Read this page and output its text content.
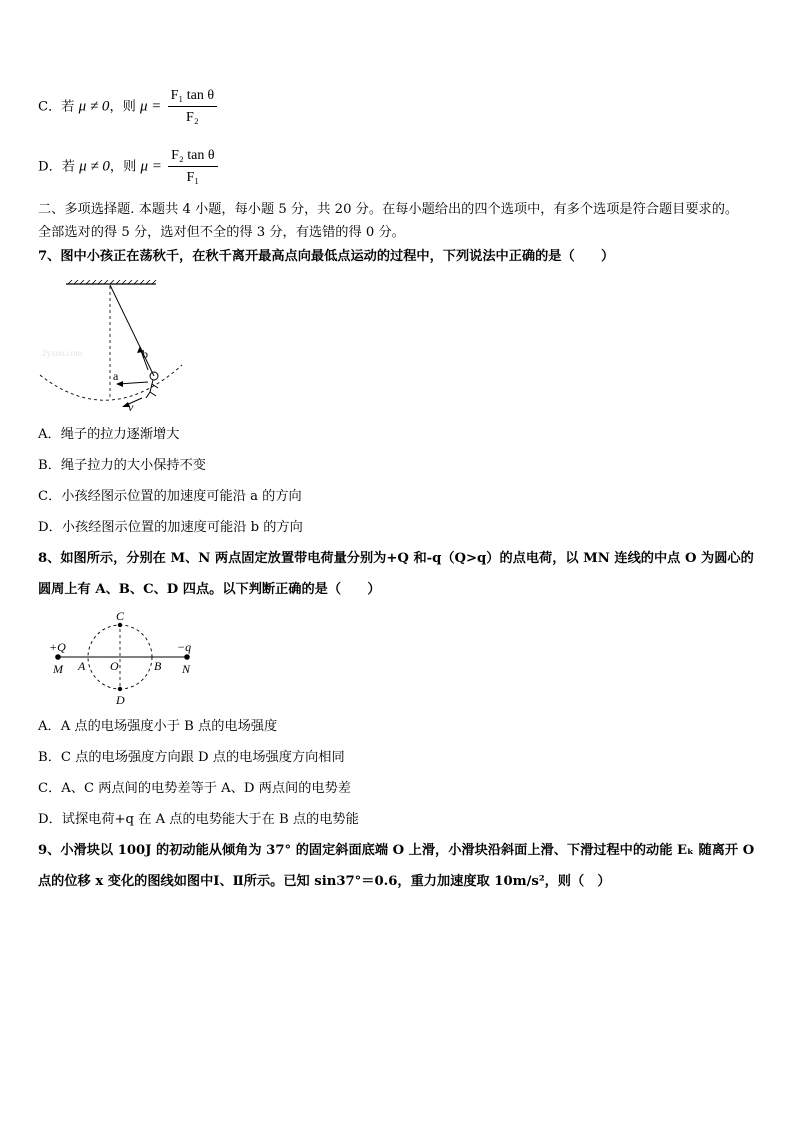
C．若 μ ≠ 0，则 $\mu = \frac{\text{F₁ tan θ}}{\text{F₂}}$
D．若 μ ≠ 0，则 $\mu = \frac{\text{F₂ tan θ}}{\text{F₁}}$
二、多项选择题. 本题共 4 小题，每小题 5 分，共 20 分。在每小题给出的四个选项中，有多个选项是符合题目要求的。
全部选对的得 5 分，选对但不全的得 3 分，有选错的得 0 分。
7、图中小孩正在荡秋千，在秋千离开最高点向最低点运动的过程中，下列说法中正确的是（　　）
b
a
v
2yxoo.com
A．绳子的拉力逐渐增大
B．绳子拉力的大小保持不变
C．小孩经图示位置的加速度可能沿 a 的方向
D．小孩经图示位置的加速度可能沿 b 的方向
8、如图所示，分别在 M、N 两点固定放置带电荷量分别为+Q 和-q（Q>q）的点电荷，以 MN 连线的中点 O 为圆心的
圆周上有 A、B、C、D 四点。以下判断正确的是（　　）
+Q	−q
M	N
A O	B
C
D
A．A 点的电场强度小于 B 点的电场强度
B．C 点的电场强度方向跟 D 点的电场强度方向相同
C．A、C 两点间的电势差等于 A、D 两点间的电势差
D．试探电荷+q 在 A 点的电势能大于在 B 点的电势能
9、小滑块以 100J 的初动能从倾角为 37° 的固定斜面底端 O 上滑，小滑块沿斜面上滑、下滑过程中的动能 Eₖ 随离开 O
点的位移 x 变化的图线如图中Ⅰ、Ⅱ所示。已知 sin37°＝0.6，重力加速度取 10m/s²，则（　）
